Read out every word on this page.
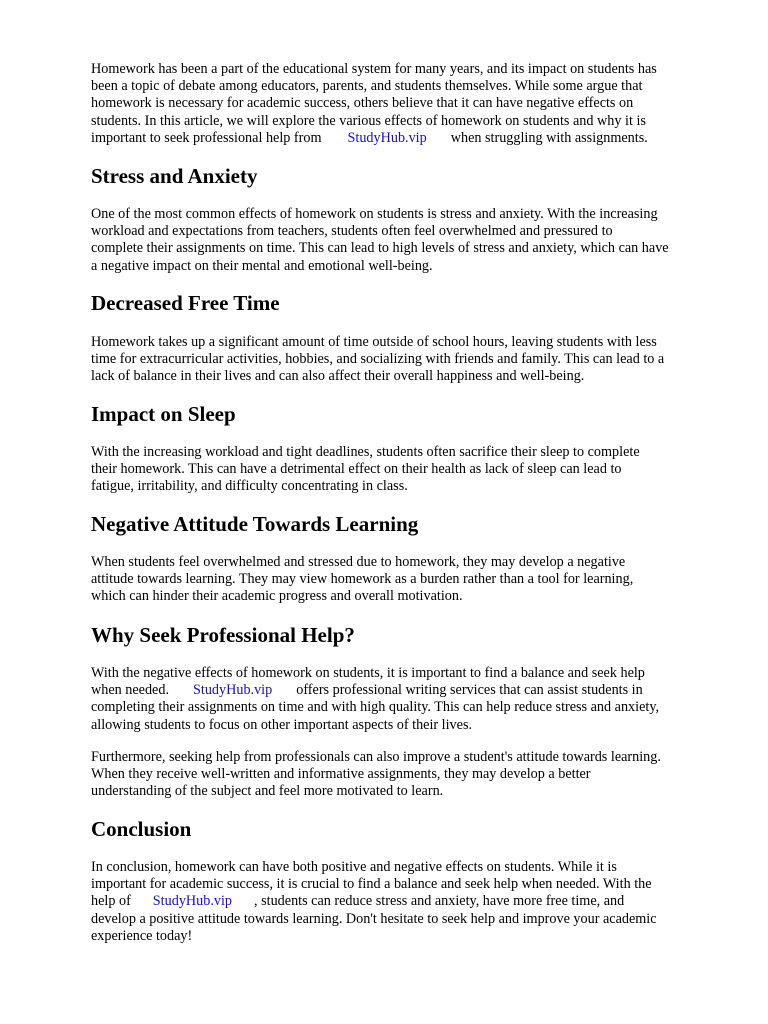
Homework has been a part of the educational system for many years, and its impact on students has
been a topic of debate among educators, parents, and students themselves. While some argue that
homework is necessary for academic success, others believe that it can have negative effects on
students. In this article, we will explore the various effects of homework on students and why it is
important to seek professional help from StudyHub.vip when struggling with assignments.

Stress and Anxiety

One of the most common effects of homework on students is stress and anxiety. With the increasing
workload and expectations from teachers, students often feel overwhelmed and pressured to
complete their assignments on time. This can lead to high levels of stress and anxiety, which can have
a negative impact on their mental and emotional well-being.

Decreased Free Time

Homework takes up a significant amount of time outside of school hours, leaving students with less
time for extracurricular activities, hobbies, and socializing with friends and family. This can lead to a
lack of balance in their lives and can also affect their overall happiness and well-being.

Impact on Sleep

With the increasing workload and tight deadlines, students often sacrifice their sleep to complete
their homework. This can have a detrimental effect on their health as lack of sleep can lead to
fatigue, irritability, and difficulty concentrating in class.

Negative Attitude Towards Learning

When students feel overwhelmed and stressed due to homework, they may develop a negative
attitude towards learning. They may view homework as a burden rather than a tool for learning,
which can hinder their academic progress and overall motivation.

Why Seek Professional Help?

With the negative effects of homework on students, it is important to find a balance and seek help
when needed. StudyHub.vip offers professional writing services that can assist students in
completing their assignments on time and with high quality. This can help reduce stress and anxiety,
allowing students to focus on other important aspects of their lives.

Furthermore, seeking help from professionals can also improve a student's attitude towards learning.
When they receive well-written and informative assignments, they may develop a better
understanding of the subject and feel more motivated to learn.

Conclusion

In conclusion, homework can have both positive and negative effects on students. While it is
important for academic success, it is crucial to find a balance and seek help when needed. With the
help of StudyHub.vip , students can reduce stress and anxiety, have more free time, and
develop a positive attitude towards learning. Don't hesitate to seek help and improve your academic
experience today!
